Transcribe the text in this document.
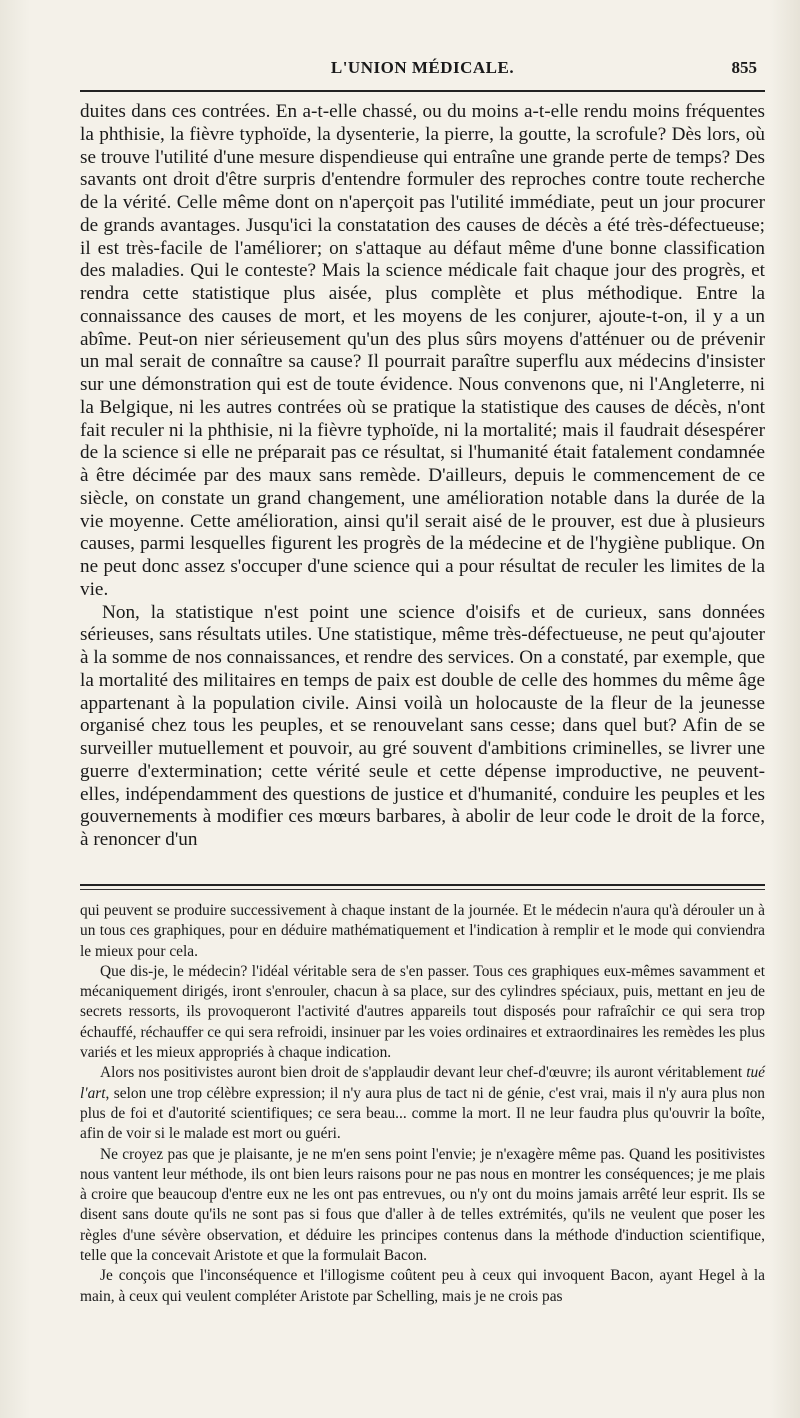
L'UNION MÉDICALE.	855

duites dans ces contrées. En a-t-elle chassé, ou du moins a-t-elle rendu moins fréquentes la phthisie, la fièvre typhoïde, la dysenterie, la pierre, la goutte, la scrofule? Dès lors, où se trouve l'utilité d'une mesure dispendieuse qui entraîne une grande perte de temps? Des savants ont droit d'être surpris d'entendre formuler des reproches contre toute recherche de la vérité. Celle même dont on n'aperçoit pas l'utilité immédiate, peut un jour procurer de grands avantages. Jusqu'ici la constatation des causes de décès a été très-défectueuse; il est très-facile de l'améliorer; on s'attaque au défaut même d'une bonne classification des maladies. Qui le conteste? Mais la science médicale fait chaque jour des progrès, et rendra cette statistique plus aisée, plus complète et plus méthodique. Entre la connaissance des causes de mort, et les moyens de les conjurer, ajoute-t-on, il y a un abîme. Peut-on nier sérieusement qu'un des plus sûrs moyens d'atténuer ou de prévenir un mal serait de connaître sa cause? Il pourrait paraître superflu aux médecins d'insister sur une démonstration qui est de toute évidence. Nous convenons que, ni l'Angleterre, ni la Belgique, ni les autres contrées où se pratique la statistique des causes de décès, n'ont fait reculer ni la phthisie, ni la fièvre typhoïde, ni la mortalité; mais il faudrait désespérer de la science si elle ne préparait pas ce résultat, si l'humanité était fatalement condamnée à être décimée par des maux sans remède. D'ailleurs, depuis le commencement de ce siècle, on constate un grand changement, une amélioration notable dans la durée de la vie moyenne. Cette amélioration, ainsi qu'il serait aisé de le prouver, est due à plusieurs causes, parmi lesquelles figurent les progrès de la médecine et de l'hygiène publique. On ne peut donc assez s'occuper d'une science qui a pour résultat de reculer les limites de la vie.

Non, la statistique n'est point une science d'oisifs et de curieux, sans données sérieuses, sans résultats utiles. Une statistique, même très-défectueuse, ne peut qu'ajouter à la somme de nos connaissances, et rendre des services. On a constaté, par exemple, que la mortalité des militaires en temps de paix est double de celle des hommes du même âge appartenant à la population civile. Ainsi voilà un holocauste de la fleur de la jeunesse organisé chez tous les peuples, et se renouvelant sans cesse; dans quel but? Afin de se surveiller mutuellement et pouvoir, au gré souvent d'ambitions criminelles, se livrer une guerre d'extermination; cette vérité seule et cette dépense improductive, ne peuvent-elles, indépendamment des questions de justice et d'humanité, conduire les peuples et les gouvernements à modifier ces mœurs barbares, à abolir de leur code le droit de la force, à renoncer d'un

qui peuvent se produire successivement à chaque instant de la journée. Et le médecin n'aura qu'à dérouler un à un tous ces graphiques, pour en déduire mathématiquement et l'indication à remplir et le mode qui conviendra le mieux pour cela.

Que dis-je, le médecin? l'idéal véritable sera de s'en passer. Tous ces graphiques eux-mêmes savamment et mécaniquement dirigés, iront s'enrouler, chacun à sa place, sur des cylindres spéciaux, puis, mettant en jeu de secrets ressorts, ils provoqueront l'activité d'autres appareils tout disposés pour rafraîchir ce qui sera trop échauffé, réchauffer ce qui sera refroidi, insinuer par les voies ordinaires et extraordinaires les remèdes les plus variés et les mieux appropriés à chaque indication.

Alors nos positivistes auront bien droit de s'applaudir devant leur chef-d'œuvre; ils auront véritablement tué l'art, selon une trop célèbre expression; il n'y aura plus de tact ni de génie, c'est vrai, mais il n'y aura plus non plus de foi et d'autorité scientifiques; ce sera beau... comme la mort. Il ne leur faudra plus qu'ouvrir la boîte, afin de voir si le malade est mort ou guéri.

Ne croyez pas que je plaisante, je ne m'en sens point l'envie; je n'exagère même pas. Quand les positivistes nous vantent leur méthode, ils ont bien leurs raisons pour ne pas nous en montrer les conséquences; je me plais à croire que beaucoup d'entre eux ne les ont pas entrevues, ou n'y ont du moins jamais arrêté leur esprit. Ils se disent sans doute qu'ils ne sont pas si fous que d'aller à de telles extrémités, qu'ils ne veulent que poser les règles d'une sévère observation, et déduire les principes contenus dans la méthode d'induction scientifique, telle que la concevait Aristote et que la formulait Bacon.

Je conçois que l'inconséquence et l'illogisme coûtent peu à ceux qui invoquent Bacon, ayant Hegel à la main, à ceux qui veulent compléter Aristote par Schelling, mais je ne crois pas
